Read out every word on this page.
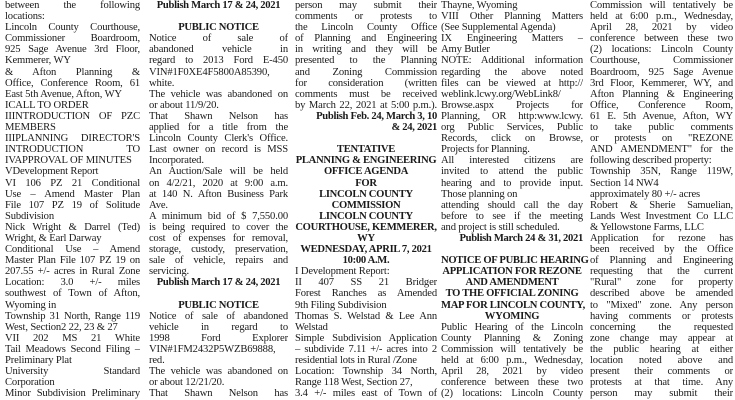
between the following
locations:
Lincoln County Courthouse,
Commissioner Boardroom,
925 Sage Avenue 3rd Floor,
Kemmerer, WY
& Afton Planning &
Office, Conference Room, 61
East 5th Avenue, Afton, WY
ICALL TO ORDER
IIINTRODUCTION OF PZC
MEMBERS
IIIPLANNING DIRECTOR'S
INTRODUCTION TO
IVAPPROVAL OF MINUTES
VDevelopment Report
VI 106 PZ 21 Conditional
Use – Amend Master Plan
File 107 PZ 19 of Solitude
Subdivision
Nick Wright & Darrel (Ted)
Wright, & Earl Darway
Conditional Use – Amend
Master Plan File 107 PZ 19 on
207.55 +/- acres in Rural Zone
Location: 3.0 +/- miles
southwest of Town of Afton,
Wyoming in
Township 31 North, Range 119
West, Section2 22, 23 & 27
VII 202 MS 21 White
Tail Meadows Second Filing –
Preliminary Plat
University Standard
Corporation
Minor Subdivision Preliminary
Publish March 17 & 24, 2021
PUBLIC NOTICE
Notice of sale of
abandoned vehicle in
regard to 2013 Ford E-450
VIN#1F0XE4F5800A85390,
white.
The vehicle was abandoned on
or about 11/9/20.
That Shawn Nelson has
applied for a title from the
Lincoln County Clerk's Office.
Last owner on record is MSS
Incorporated.
An Auction/Sale will be held
on 4/2/21, 2020 at 9:00 a.m.
at 140 N. Afton Business Park
Ave.
A minimum bid of $ 7,550.00
is being required to cover the
cost of expenses for removal,
storage, custody, preservation,
sale of vehicle, repairs and
servicing.
Publish March 17 & 24, 2021
PUBLIC NOTICE
Notice of sale of abandoned
vehicle in regard to
1998 Ford Explorer
VIN#1FM2432P5WZB69888,
red.
The vehicle was abandoned on
or about 12/21/20.
That Shawn Nelson has
person may submit their
comments or protests to
the Lincoln County Office
of Planning and Engineering
in writing and they will be
presented to the Planning
and Zoning Commission
for consideration (written
comments must be received
by March 22, 2021 at 5:00 p.m.).
Publish Feb. 24, March 3, 10
& 24, 2021
TENTATIVE
PLANNING & ENGINEERING
OFFICE AGENDA
FOR
LINCOLN COUNTY
COMMISSION
LINCOLN COUNTY
COURTHOUSE, KEMMERER,
WY
WEDNESDAY, APRIL 7, 2021
10:00 A.M.
I Development Report:
II 407 SS 21 Bridger
Forest Ranches as Amended
9th Filing Subdivision
Thomas S. Welstad & Lee Ann
Welstad
Simple Subdivision Application
– subdivide 7.11 +/- acres into 2
residential lots in Rural /Zone
Location: Township 34 North,
Range 118 West, Section 27,
3.4 +/- miles east of Town of
Thayne, Wyoming
VIII Other Planning Matters
(See Supplemental Agenda)
IX Engineering Matters –
Amy Butler
NOTE: Additional information
regarding the above noted
files can be viewed at http://
weblink.lcwy.org/WebLink8/
Browse.aspx Projects for
Planning, OR http:www.lcwy.
org Public Services, Public
Records, click on Browse,
Projects for Planning.
All interested citizens are
invited to attend the public
hearing and to provide input.
Those planning on
attending should call the day
before to see if the meeting
and project is still scheduled.
Publish March 24 & 31, 2021
NOTICE OF PUBLIC HEARING
APPLICATION FOR REZONE
AND AMENDMENT
TO THE OFFICIAL ZONING
MAP FOR LINCOLN COUNTY,
WYOMING
Public Hearing of the Lincoln
County Planning & Zoning
Commission will tentatively be
held at 6:00 p.m., Wednesday,
April 28, 2021 by video
conference between these two
(2) locations: Lincoln County
Commission will tentatively be
held at 6:00 p.m., Wednesday,
April 28, 2021 by video
conference between these two
(2) locations: Lincoln County
Courthouse, Commissioner
Boardroom, 925 Sage Avenue
3rd Floor, Kemmerer, WY, and
Afton Planning & Engineering
Office, Conference Room,
61 E. 5th Avenue, Afton, WY
to take public comments
or protests on "REZONE
AND AMENDMENT" for the
following described property:
Township 35N, Range 119W,
Section 14 NW4
approximately 80 +/- acres
Robert & Sherie Samuelian,
Lands West Investment Co LLC
& Yellowstone Farms, LLC
Application for rezone has
been received by the Office
of Planning and Engineering
requesting that the current
"Rural" zone for property
described above be amended
to "Mixed" zone. Any person
having comments or protests
concerning the requested
zone change may appear at
the public hearing at either
location noted above and
present their comments or
protests at that time. Any
person may submit their
